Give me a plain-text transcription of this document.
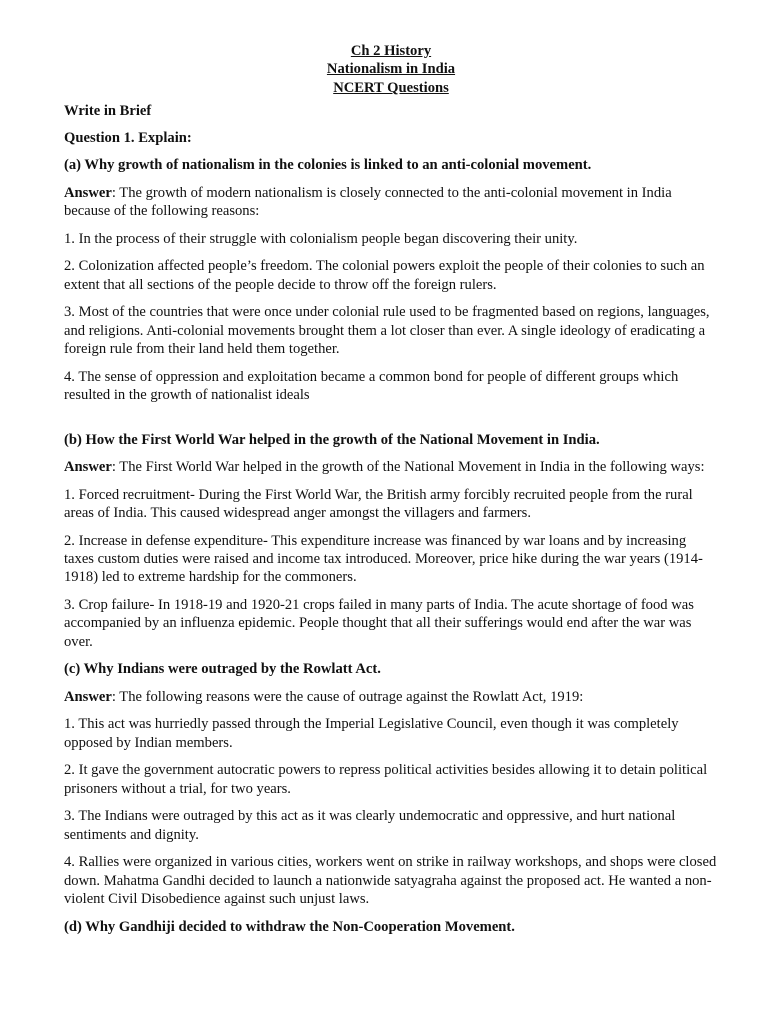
Ch 2 History

Nationalism in India

NCERT Questions

Write in Brief

Question 1. Explain:

(a) Why growth of nationalism in the colonies is linked to an anti-colonial movement.

Answer: The growth of modern nationalism is closely connected to the anti-colonial movement in India because of the following reasons:

1. In the process of their struggle with colonialism people began discovering their unity.

2. Colonization affected people’s freedom. The colonial powers exploit the people of their colonies to such an extent that all sections of the people decide to throw off the foreign rulers.

3. Most of the countries that were once under colonial rule used to be fragmented based on regions, languages, and religions. Anti-colonial movements brought them a lot closer than ever. A single ideology of eradicating a foreign rule from their land held them together.

4. The sense of oppression and exploitation became a common bond for people of different groups which resulted in the growth of nationalist ideals

(b) How the First World War helped in the growth of the National Movement in India.

Answer: The First World War helped in the growth of the National Movement in India in the following ways:

1. Forced recruitment- During the First World War, the British army forcibly recruited people from the rural areas of India. This caused widespread anger amongst the villagers and farmers.

2. Increase in defense expenditure- This expenditure increase was financed by war loans and by increasing taxes custom duties were raised and income tax introduced. Moreover, price hike during the war years (1914-1918) led to extreme hardship for the commoners.

3. Crop failure- In 1918-19 and 1920-21 crops failed in many parts of India. The acute shortage of food was accompanied by an influenza epidemic. People thought that all their sufferings would end after the war was over.

(c) Why Indians were outraged by the Rowlatt Act.

Answer: The following reasons were the cause of outrage against the Rowlatt Act, 1919:

1. This act was hurriedly passed through the Imperial Legislative Council, even though it was completely opposed by Indian members.

2. It gave the government autocratic powers to repress political activities besides allowing it to detain political prisoners without a trial, for two years.

3. The Indians were outraged by this act as it was clearly undemocratic and oppressive, and hurt national sentiments and dignity.

4. Rallies were organized in various cities, workers went on strike in railway workshops, and shops were closed down. Mahatma Gandhi decided to launch a nationwide satyagraha against the proposed act. He wanted a non-violent Civil Disobedience against such unjust laws.

(d) Why Gandhiji decided to withdraw the Non-Cooperation Movement.
